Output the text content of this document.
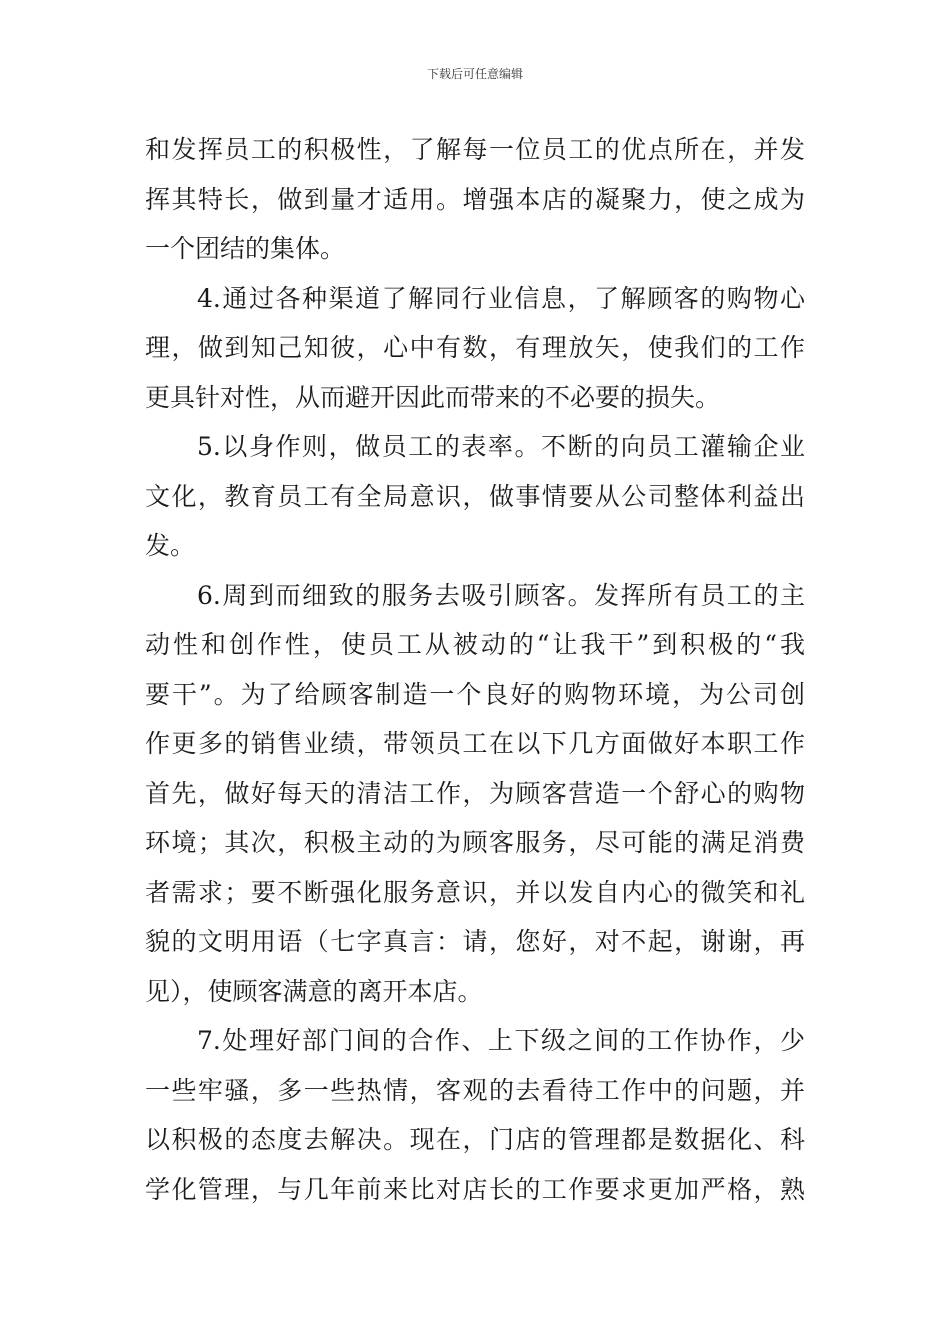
下载后可任意编辑
和发挥员工的积极性，了解每一位员工的优点所在，并发
挥其特长，做到量才适用。增强本店的凝聚力，使之成为
一个团结的集体。
4.通过各种渠道了解同行业信息，了解顾客的购物心
理，做到知己知彼，心中有数，有理放矢，使我们的工作
更具针对性，从而避开因此而带来的不必要的损失。
5.以身作则，做员工的表率。不断的向员工灌输企业
文化，教育员工有全局意识，做事情要从公司整体利益出
发。
6.周到而细致的服务去吸引顾客。发挥所有员工的主
动性和创作性，使员工从被动的“让我干”到积极的“我
要干”。为了给顾客制造一个良好的购物环境，为公司创
作更多的销售业绩，带领员工在以下几方面做好本职工作
首先，做好每天的清洁工作，为顾客营造一个舒心的购物
环境；其次，积极主动的为顾客服务，尽可能的满足消费
者需求；要不断强化服务意识，并以发自内心的微笑和礼
貌的文明用语（七字真言：请，您好，对不起，谢谢，再
见），使顾客满意的离开本店。
7.处理好部门间的合作、上下级之间的工作协作，少
一些牢骚，多一些热情，客观的去看待工作中的问题，并
以积极的态度去解决。现在，门店的管理都是数据化、科
学化管理，与几年前来比对店长的工作要求更加严格，熟
